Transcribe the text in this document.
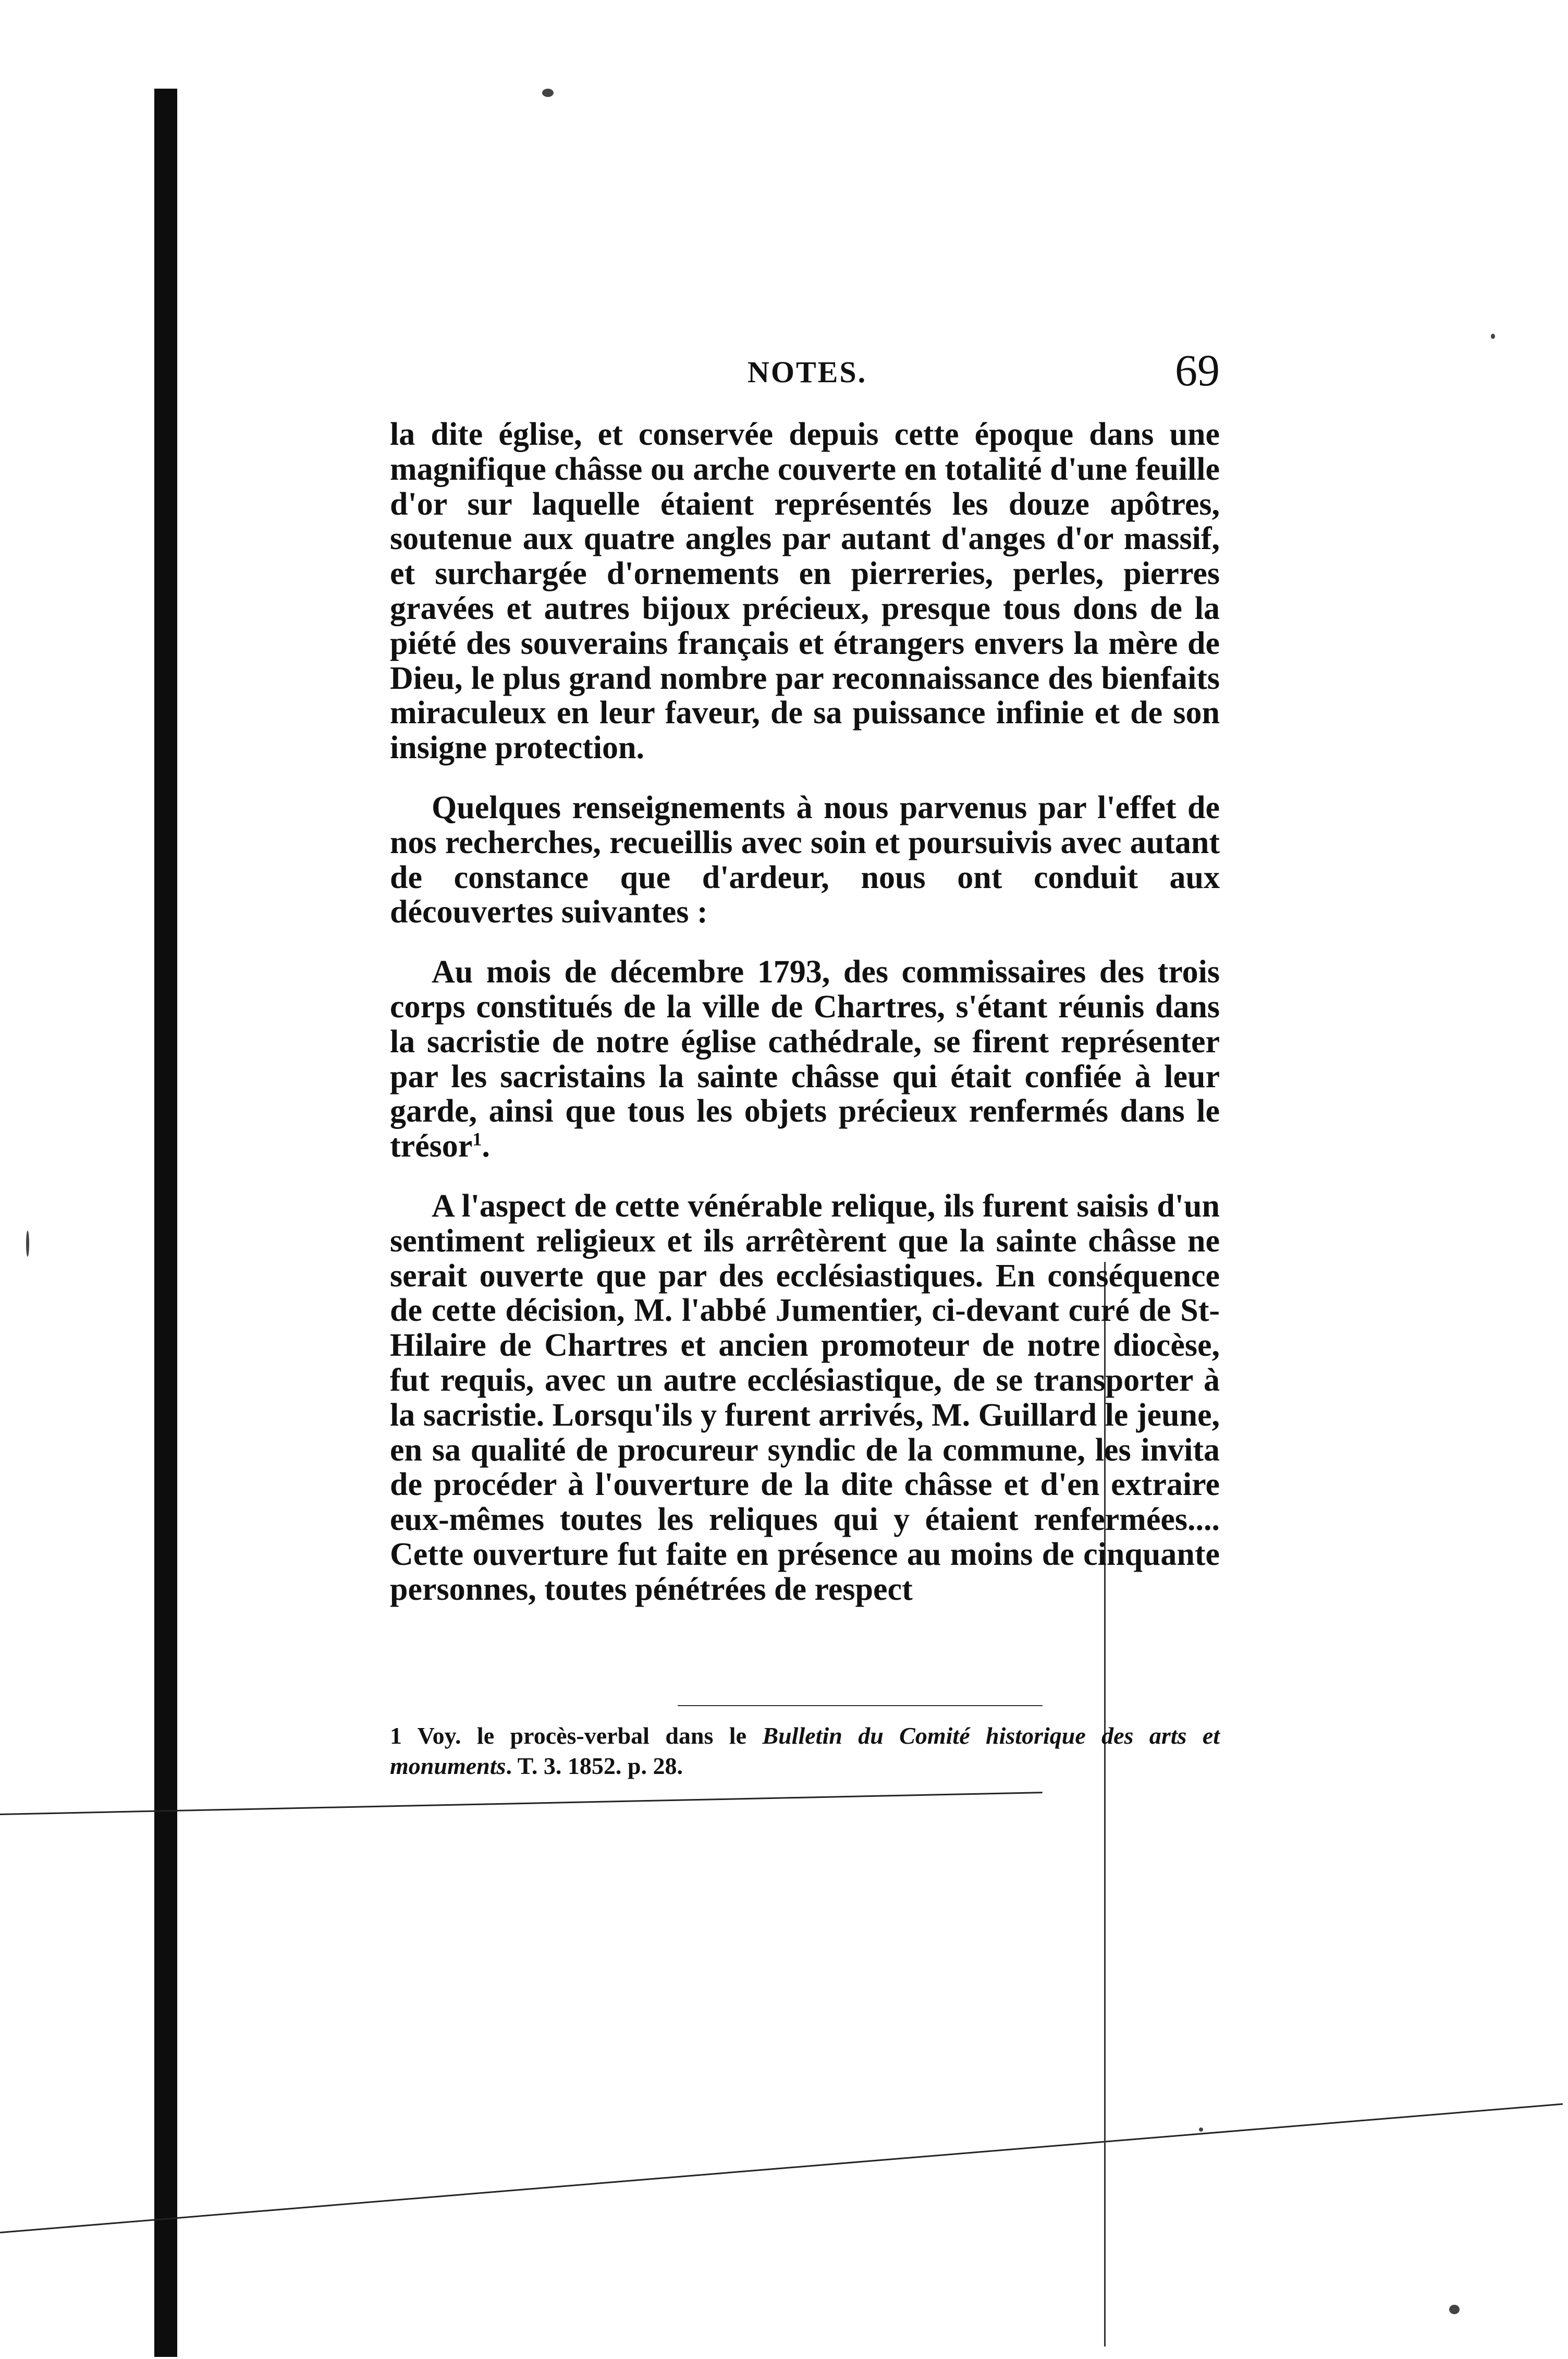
NOTES.	69

la dite église, et conservée depuis cette époque dans une magnifique châsse ou arche couverte en totalité d'une feuille d'or sur laquelle étaient représentés les douze apôtres, soutenue aux quatre angles par autant d'anges d'or massif, et surchargée d'ornements en pierreries, perles, pierres gravées et autres bijoux précieux, presque tous dons de la piété des souverains français et étrangers envers la mère de Dieu, le plus grand nombre par reconnaissance des bienfaits miraculeux en leur faveur, de sa puissance infinie et de son insigne protection.

Quelques renseignements à nous parvenus par l'effet de nos recherches, recueillis avec soin et poursuivis avec autant de constance que d'ardeur, nous ont conduit aux découvertes suivantes :

Au mois de décembre 1793, des commissaires des trois corps constitués de la ville de Chartres, s'étant réunis dans la sacristie de notre église cathédrale, se firent représenter par les sacristains la sainte châsse qui était confiée à leur garde, ainsi que tous les objets précieux renfermés dans le trésor$^1$.

A l'aspect de cette vénérable relique, ils furent saisis d'un sentiment religieux et ils arrêtèrent que la sainte châsse ne serait ouverte que par des ecclésiastiques. En conséquence de cette décision, M. l'abbé Jumentier, ci-devant curé de St-Hilaire de Chartres et ancien promoteur de notre diocèse, fut requis, avec un autre ecclésiastique, de se transporter à la sacristie. Lorsqu'ils y furent arrivés, M. Guillard le jeune, en sa qualité de procureur syndic de la commune, les invita de procéder à l'ouverture de la dite châsse et d'en extraire eux-mêmes toutes les reliques qui y étaient renfermées.... Cette ouverture fut faite en présence au moins de cinquante personnes, toutes pénétrées de respect

1 Voy. le procès-verbal dans le Bulletin du Comité historique des arts et monuments. T. 3. 1852. p. 28.
